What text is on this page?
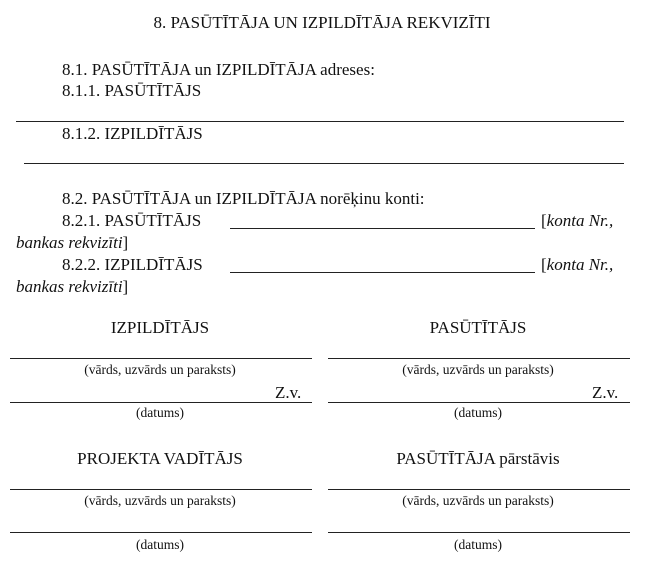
8. PASŪTĪTĀJA UN IZPILDĪTĀJA REKVIZĪTI
8.1. PASŪTĪTĀJA un IZPILDĪTĀJA adreses:
8.1.1. PASŪTĪTĀJS
8.1.2. IZPILDĪTĀJS
8.2. PASŪTĪTĀJA un IZPILDĪTĀJA norēķinu konti:
8.2.1. PASŪTĪTĀJS	[konta Nr.,
bankas rekvizīti]
8.2.2. IZPILDĪTĀJS	[konta Nr.,
bankas rekvizīti]
IZPILDĪTĀJS	PASŪTĪTĀJS
(vārds, uzvārds un paraksts)	(vārds, uzvārds un paraksts)
Z.v.	Z.v.
(datums)	(datums)
PROJEKTA VADĪTĀJS	PASŪTĪTĀJA pārstāvis
(vārds, uzvārds un paraksts)	(vārds, uzvārds un paraksts)
(datums)	(datums)
